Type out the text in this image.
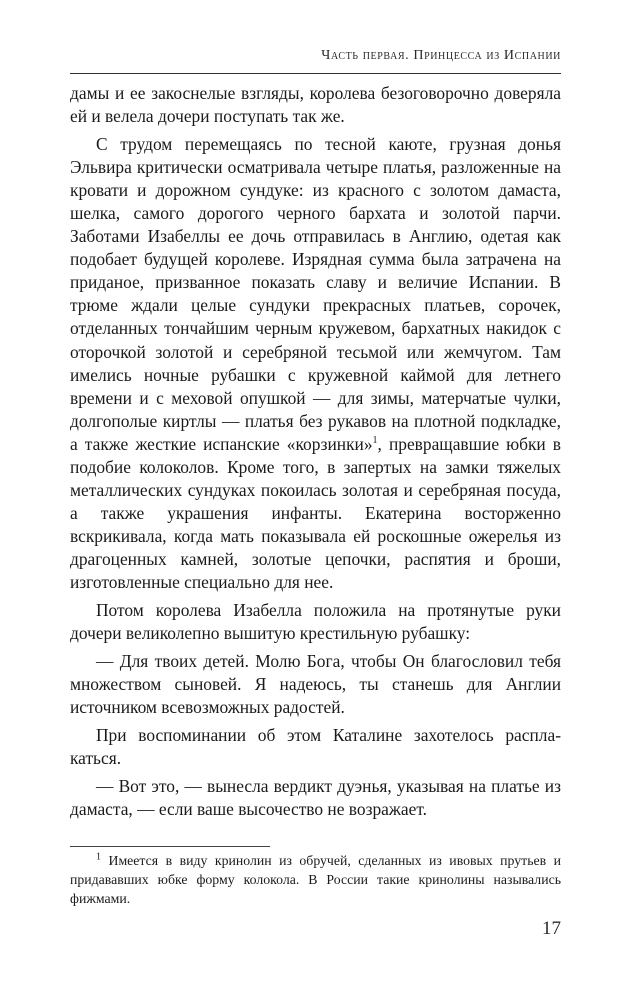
Часть первая. Принцесса из Испании

дамы и ее закоснелые взгляды, королева безоговорочно доверяла ей и велела дочери поступать так же.

С трудом перемещаясь по тесной каюте, грузная донья Эльвира критически осматривала четыре платья, разложенные на кровати и дорожном сундуке: из красного с золотом дамаста, шелка, самого дорогого черного бархата и золотой парчи. Заботами Изабеллы ее дочь отправилась в Англию, одетая как подобает будущей королеве. Изрядная сумма была затрачена на приданое, призванное показать славу и величие Испании. В трюме ждали целые сундуки прекрасных платьев, сорочек, отделанных тончайшим черным кружевом, бархатных накидок с оторочкой золотой и серебряной тесьмой или жемчугом. Там имелись ночные рубашки с кружевной каймой для летнего времени и с меховой опушкой — для зимы, матерчатые чулки, долгополые киртлы — платья без рукавов на плотной подкладке, а также жесткие испанские «корзинки»$^1$, превращавшие юбки в подобие колоколов. Кроме того, в запертых на замки тяжелых металлических сундуках покоилась золотая и серебряная посуда, а также украшения инфанты. Екатерина восторженно вскрикивала, когда мать показывала ей роскошные ожерелья из драгоценных камней, золотые цепочки, распятия и броши, изготовленные специально для нее.

Потом королева Изабелла положила на протянутые руки дочери великолепно вышитую крестильную рубашку:

— Для твоих детей. Молю Бога, чтобы Он благословил тебя множеством сыновей. Я надеюсь, ты станешь для Англии источником всевозможных радостей.

При воспоминании об этом Каталине захотелось расплакаться.

— Вот это, — вынесла вердикт дуэнья, указывая на платье из дамаста, — если ваше высочество не возражает.

$^1$ Имеется в виду кринолин из обручей, сделанных из ивовых прутьев и придававших юбке форму колокола. В России такие кринолины назывались фижмами.
17
